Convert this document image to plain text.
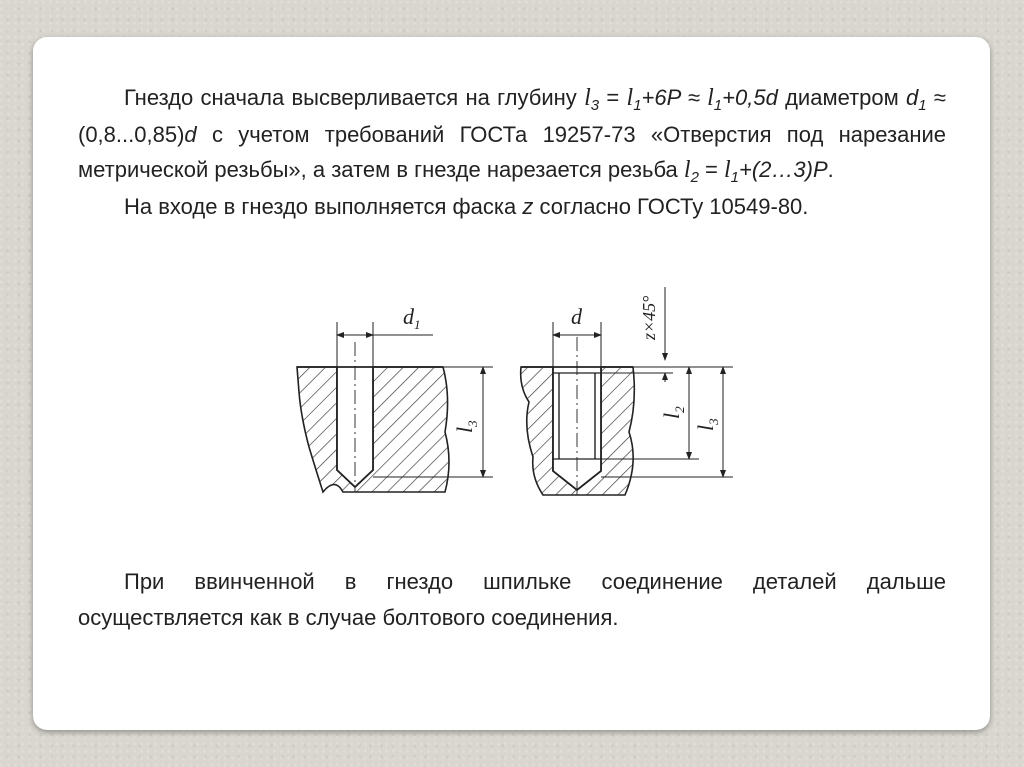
Гнездо сначала высверливается на глубину $l_3 = l_1+6P \approx l_1+0,5d$ диаметром $d_1 \approx (0,8...0,85)d$ с учетом требований ГОСТа 19257-73 «Отверстия под нарезание метрической резьбы», а затем в гнезде нарезается резьба $l_2$ = $l_1+(2\dots 3)P$.
На входе в гнездо выполняется фаска z согласно ГОСТу 10549-80.
$d_1$
$l_3$
d	z×45°
$l_2$
$l_3$
При ввинченной в гнездо шпильке соединение деталей дальше осуществляется как в случае болтового соединения.
